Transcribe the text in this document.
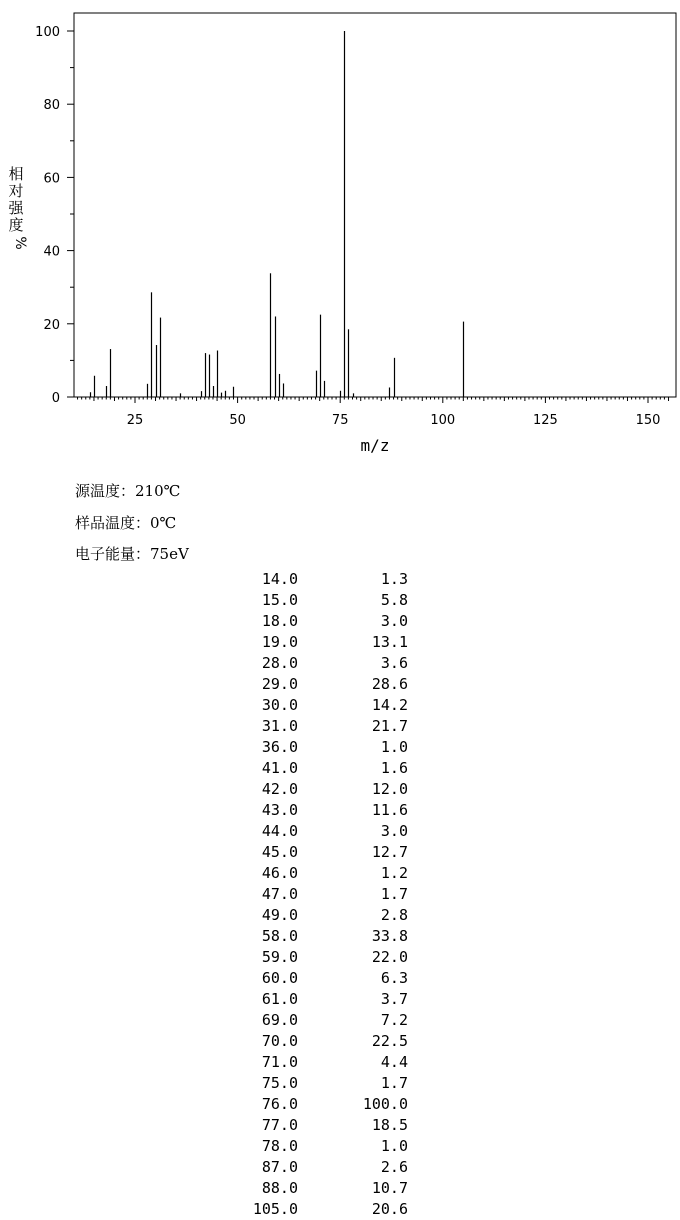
25	50	75	100	125	150
0
20
40
60
80
100
m/z
相
对
强
度
%
源温度：210℃
样品温度：0℃
电子能量：75eV
14.0	1.3
15.0	5.8
18.0	3.0
19.0	13.1
28.0	3.6
29.0	28.6
30.0	14.2
31.0	21.7
36.0	1.0
41.0	1.6
42.0	12.0
43.0	11.6
44.0	3.0
45.0	12.7
46.0	1.2
47.0	1.7
49.0	2.8
58.0	33.8
59.0	22.0
60.0	6.3
61.0	3.7
69.0	7.2
70.0	22.5
71.0	4.4
75.0	1.7
76.0	100.0
77.0	18.5
78.0	1.0
87.0	2.6
88.0	10.7
105.0	20.6
